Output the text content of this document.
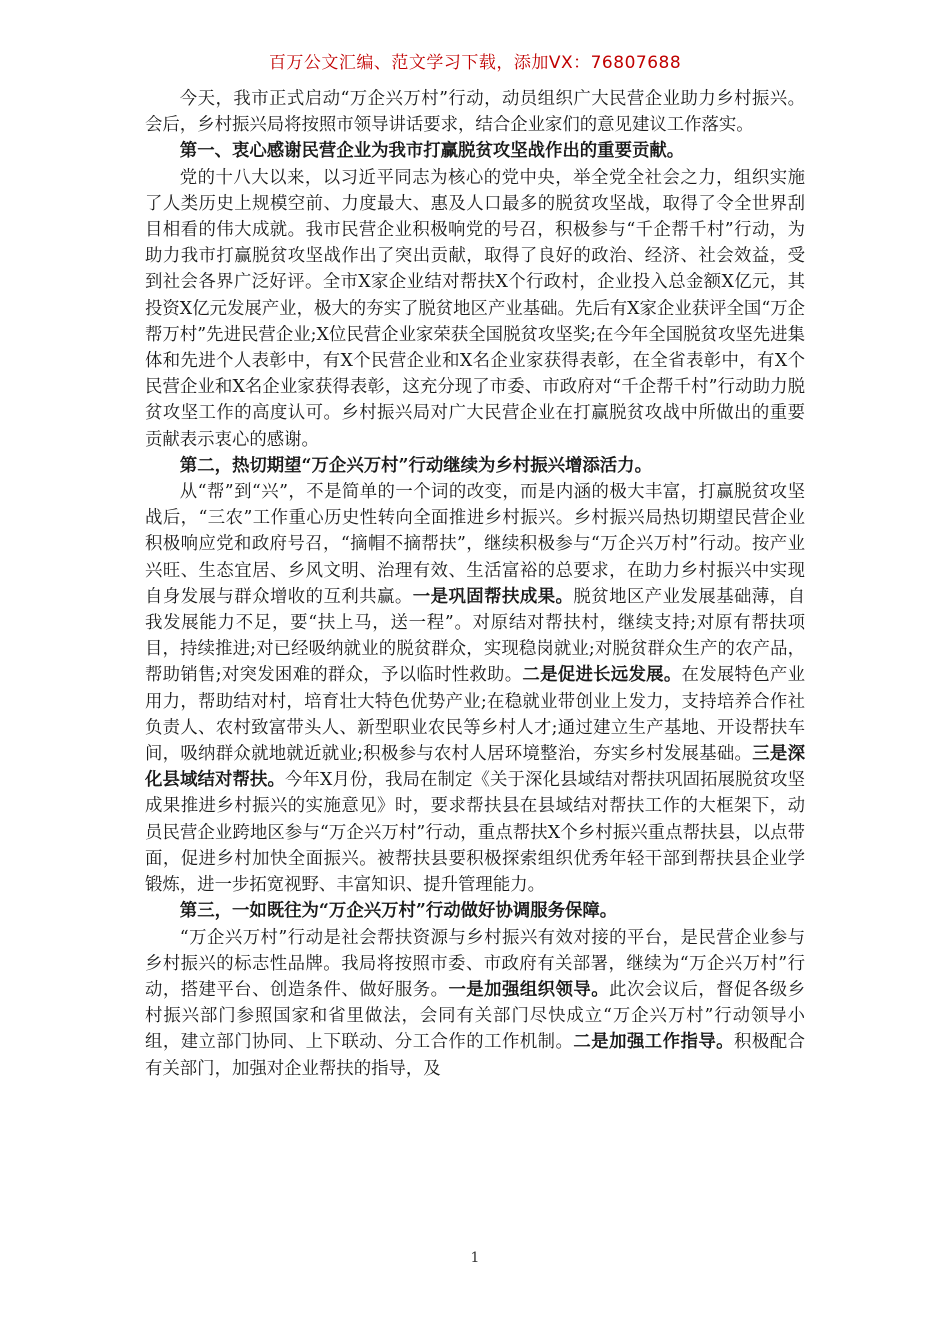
百万公文汇编、范文学习下载，添加VX：76807688

今天，我市正式启动“万企兴万村”行动，动员组织广大民营企业助力乡村振兴。会后，乡村振兴局将按照市领导讲话要求，结合企业家们的意见建议工作落实。

第一、衷心感谢民营企业为我市打赢脱贫攻坚战作出的重要贡献。

党的十八大以来，以习近平同志为核心的党中央，举全党全社会之力，组织实施了人类历史上规模空前、力度最大、惠及人口最多的脱贫攻坚战，取得了令全世界刮目相看的伟大成就。我市民营企业积极响党的号召，积极参与“千企帮千村”行动，为助力我市打赢脱贫攻坚战作出了突出贡献，取得了良好的政治、经济、社会效益，受到社会各界广泛好评。全市X家企业结对帮扶X个行政村，企业投入总金额X亿元，其投资X亿元发展产业，极大的夯实了脱贫地区产业基础。先后有X家企业获评全国“万企帮万村”先进民营企业;X位民营企业家荣获全国脱贫攻坚奖;在今年全国脱贫攻坚先进集体和先进个人表彰中，有X个民营企业和X名企业家获得表彰，在全省表彰中，有X个民营企业和X名企业家获得表彰，这充分现了市委、市政府对“千企帮千村”行动助力脱贫攻坚工作的高度认可。乡村振兴局对广大民营企业在打赢脱贫攻战中所做出的重要贡献表示衷心的感谢。

第二，热切期望“万企兴万村”行动继续为乡村振兴增添活力。

从“帮”到“兴”，不是简单的一个词的改变，而是内涵的极大丰富，打赢脱贫攻坚战后，“三农”工作重心历史性转向全面推进乡村振兴。乡村振兴局热切期望民营企业积极响应党和政府号召，“摘帽不摘帮扶”，继续积极参与“万企兴万村”行动。按产业兴旺、生态宜居、乡风文明、治理有效、生活富裕的总要求，在助力乡村振兴中实现自身发展与群众增收的互利共赢。一是巩固帮扶成果。脱贫地区产业发展基础薄，自我发展能力不足，要“扶上马，送一程”。对原结对帮扶村，继续支持;对原有帮扶项目，持续推进;对已经吸纳就业的脱贫群众，实现稳岗就业;对脱贫群众生产的农产品，帮助销售;对突发困难的群众，予以临时性救助。二是促进长远发展。在发展特色产业用力，帮助结对村，培育壮大特色优势产业;在稳就业带创业上发力，支持培养合作社负责人、农村致富带头人、新型职业农民等乡村人才;通过建立生产基地、开设帮扶车间，吸纳群众就地就近就业;积极参与农村人居环境整治，夯实乡村发展基础。三是深化县域结对帮扶。今年X月份，我局在制定《关于深化县域结对帮扶巩固拓展脱贫攻坚成果推进乡村振兴的实施意见》时，要求帮扶县在县域结对帮扶工作的大框架下，动员民营企业跨地区参与“万企兴万村”行动，重点帮扶X个乡村振兴重点帮扶县，以点带面，促进乡村加快全面振兴。被帮扶县要积极探索组织优秀年轻干部到帮扶县企业学锻炼，进一步拓宽视野、丰富知识、提升管理能力。

第三，一如既往为“万企兴万村”行动做好协调服务保障。

“万企兴万村”行动是社会帮扶资源与乡村振兴有效对接的平台，是民营企业参与乡村振兴的标志性品牌。我局将按照市委、市政府有关部署，继续为“万企兴万村”行动，搭建平台、创造条件、做好服务。一是加强组织领导。此次会议后，督促各级乡村振兴部门参照国家和省里做法，会同有关部门尽快成立“万企兴万村”行动领导小组，建立部门协同、上下联动、分工合作的工作机制。二是加强工作指导。积极配合有关部门，加强对企业帮扶的指导，及

1
